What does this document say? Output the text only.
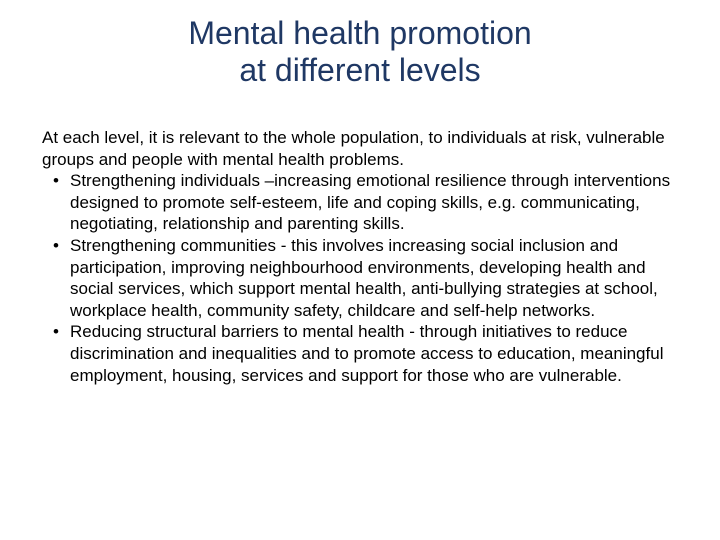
Mental health promotion
at different levels

At each level, it is relevant to the whole population, to individuals at risk, vulnerable groups and people with mental health problems.

• Strengthening individuals –increasing emotional resilience through interventions designed to promote self-esteem, life and coping skills, e.g. communicating, negotiating, relationship and parenting skills.
• Strengthening communities - this involves increasing social inclusion and participation, improving neighbourhood environments, developing health and social services, which support mental health, anti-bullying strategies at school, workplace health, community safety, childcare and self-help networks.
• Reducing structural barriers to mental health - through initiatives to reduce discrimination and inequalities and to promote access to education, meaningful employment, housing, services and support for those who are vulnerable.
